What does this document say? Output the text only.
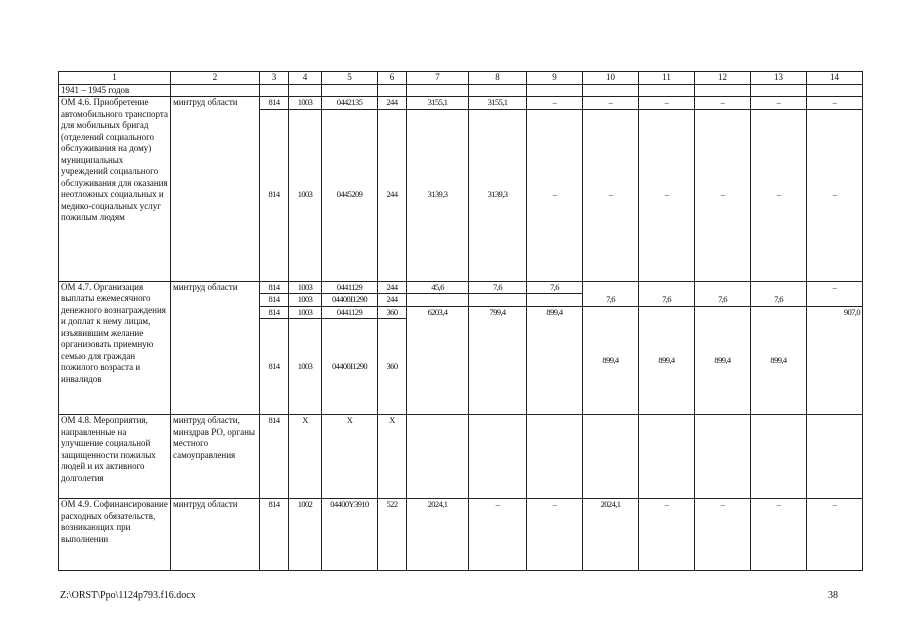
1	2	3	4	5	6	7	8	9	10	11	12	13	14
1941 – 1945 годов													
ОМ 4.6. Приобретение автомобильного транспорта для мобильных бригад (отделений социального обслуживания на дому) муниципальных учреждений социального обслуживания для оказания неотложных социальных и медико-социальных услуг пожилым людям	минтруд области	814	1003	0442135	244	3155,1	3155,1	–	–	–	–	–	–
		814	1003	0445209	244	3139,3	3139,3	–	–	–	–	–	–
ОМ 4.7. Организация выплаты ежемесячного денежного вознаграждения и доплат к нему лицам, изъявившим желание организовать приемную семью для граждан пожилого возраста и инвалидов	минтруд области	814	1003	0441129	244	45,6	7,6	7,6	7,6	7,6	7,6	7,6	–
		814	1003	04400I1290	244								
		814	1003	0441129	360	6203,4	799,4	899,4	899,4	899,4	899,4	899,4	907,0
		814	1003	04400I1290	360								
ОМ 4.8. Мероприятия, направленные на улучшение социальной защищенности пожилых людей и их активного долголетия	минтруд области, минздрав РО, органы местного самоуправления	814	Х	Х	Х								
ОМ 4.9. Софинансирование расходных обязательств, возникающих при выполнении	минтруд области	814	1002	04400Y3910	522	2024,1	–	–	2024,1	–	–	–	–
Z:\ORST\Ppo\1124p793.f16.docx	38
